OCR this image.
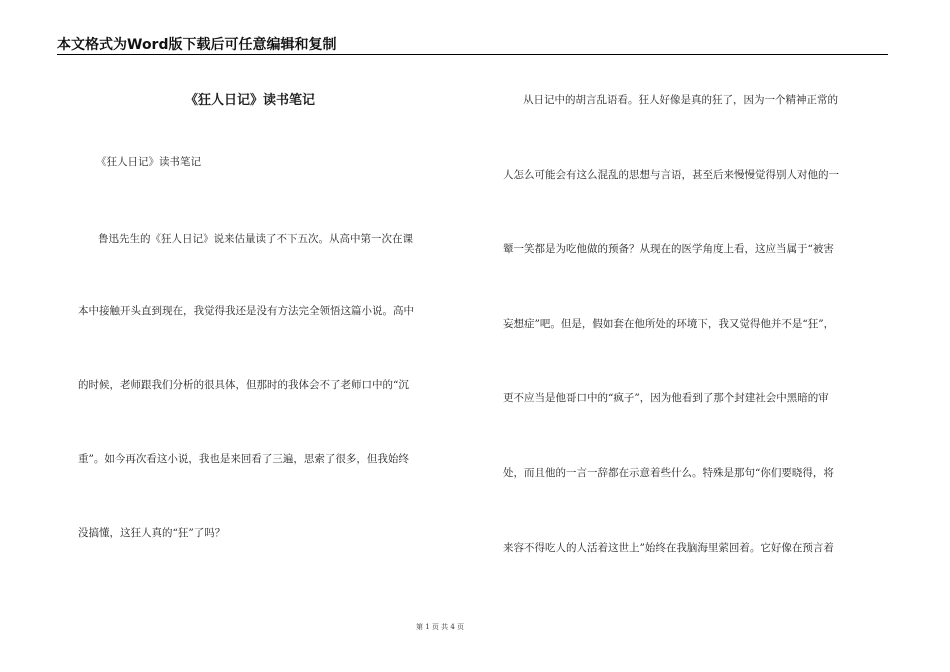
本文格式为Word版下载后可任意编辑和复制
《狂人日记》读书笔记
《狂人日记》读书笔记
鲁迅先生的《狂人日记》说来估量读了不下五次。从高中第一次在课
本中接触开头直到现在，我觉得我还是没有方法完全领悟这篇小说。高中
的时候，老师跟我们分析的很具体，但那时的我体会不了老师口中的“沉
重”。如今再次看这小说，我也是来回看了三遍，思索了很多，但我始终
没搞懂，这狂人真的“狂”了吗？
从日记中的胡言乱语看。狂人好像是真的狂了，因为一个精神正常的
人怎么可能会有这么混乱的思想与言语，甚至后来慢慢觉得别人对他的一
颦一笑都是为吃他做的预备？从现在的医学角度上看，这应当属于“被害
妄想症”吧。但是，假如套在他所处的环境下，我又觉得他并不是“狂”，
更不应当是他哥口中的“疯子”，因为他看到了那个封建社会中黑暗的审
处，而且他的一言一辞都在示意着些什么。特殊是那句“你们要晓得，将
来容不得吃人的人活着这世上”始终在我脑海里萦回着。它好像在预言着
第 1 页 共 4 页
